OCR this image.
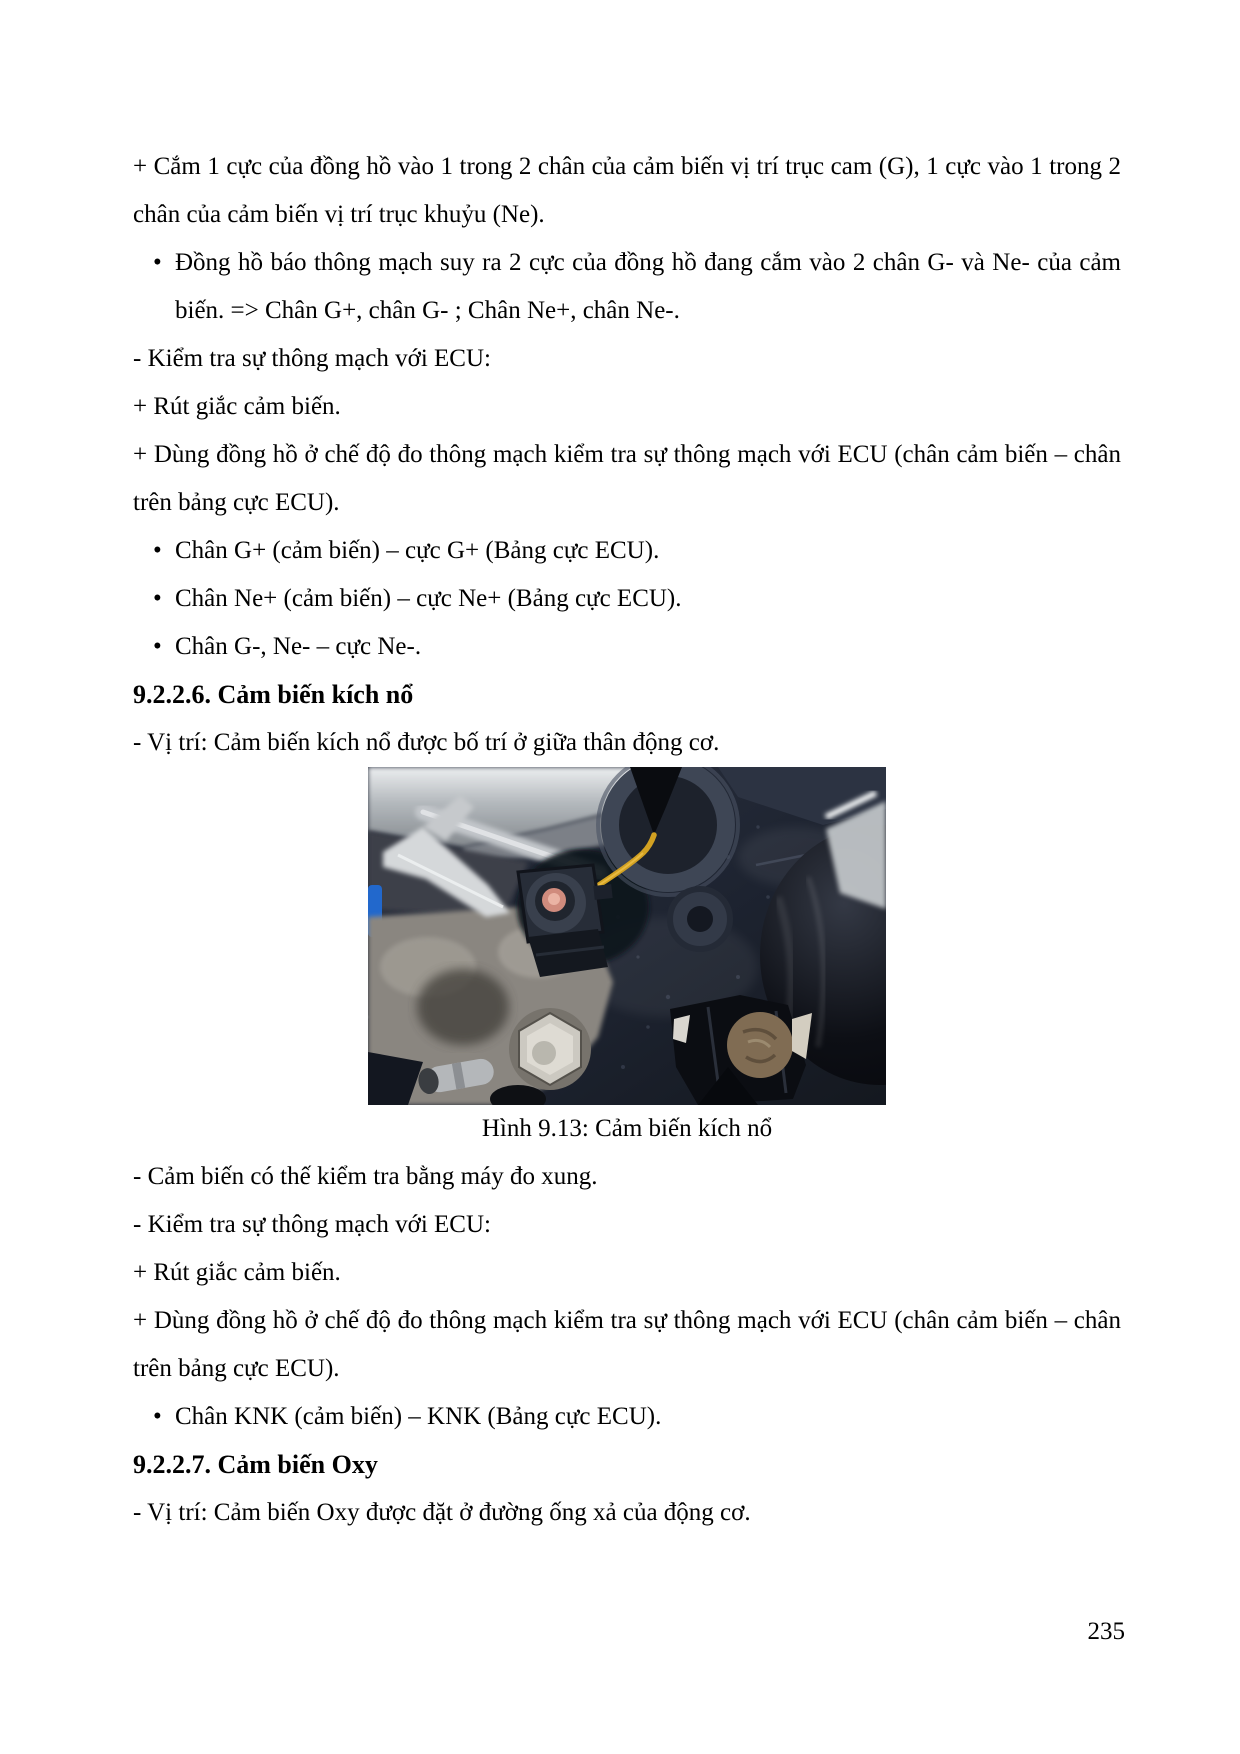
+ Cắm 1 cực của đồng hồ vào 1 trong 2 chân của cảm biến vị trí trục cam (G), 1 cực vào 1 trong 2 chân của cảm biến vị trí trục khuỷu (Ne).

• Đồng hồ báo thông mạch suy ra 2 cực của đồng hồ đang cắm vào 2 chân G- và Ne- của cảm biến. => Chân G+, chân G- ; Chân Ne+, chân Ne-.

- Kiểm tra sự thông mạch với ECU:

+ Rút giắc cảm biến.

+ Dùng đồng hồ ở chế độ đo thông mạch kiểm tra sự thông mạch với ECU (chân cảm biến – chân trên bảng cực ECU).

• Chân G+ (cảm biến) – cực G+ (Bảng cực ECU).
• Chân Ne+ (cảm biến) – cực Ne+ (Bảng cực ECU).
• Chân G-, Ne- – cực Ne-.
9.2.2.6. Cảm biến kích nổ

- Vị trí: Cảm biến kích nổ được bố trí ở giữa thân động cơ.

Hình 9.13: Cảm biến kích nổ

- Cảm biến có thế kiểm tra bằng máy đo xung.

- Kiểm tra sự thông mạch với ECU:

+ Rút giắc cảm biến.

+ Dùng đồng hồ ở chế độ đo thông mạch kiểm tra sự thông mạch với ECU (chân cảm biến – chân trên bảng cực ECU).

• Chân KNK (cảm biến) – KNK (Bảng cực ECU).
9.2.2.7. Cảm biến Oxy

- Vị trí: Cảm biến Oxy được đặt ở đường ống xả của động cơ.

235
